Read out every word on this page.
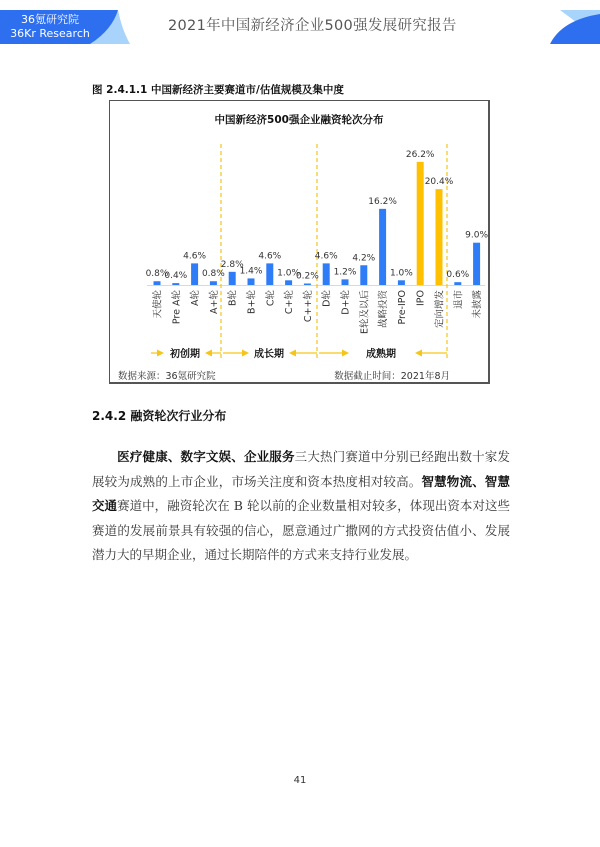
36氪研究院
36Kr Research	2021年中国新经济企业500强发展研究报告
图 2.4.1.1 中国新经济主要赛道市/估值规模及集中度
中国新经济500强企业融资轮次分布
0.8%
天使轮
0.4%
Pre A轮
4.6%
A轮
0.8%
A+轮
2.8%
B轮
1.4%
B+轮
4.6%
C轮
1.0%
C+轮
0.2%
C++轮
4.6%
D轮
1.2%
D+轮
4.2%
E轮及以后
16.2%
战略投资
1.0%
Pre-IPO
26.2%
IPO
20.4%
定向增发
0.6%
退市
9.0%
未披露
初创期	成长期	成熟期
数据来源：36氪研究院	数据截止时间：2021年8月
2.4.2 融资轮次行业分布
医疗健康、数字文娱、企业服务三大热门赛道中分别已经跑出数十家发展较为成熟的上市企业，市场关注度和资本热度相对较高。智慧物流、智慧交通赛道中，融资轮次在 B 轮以前的企业数量相对较多，体现出资本对这些赛道的发展前景具有较强的信心，愿意通过广撒网的方式投资估值小、发展潜力大的早期企业，通过长期陪伴的方式来支持行业发展。
41
